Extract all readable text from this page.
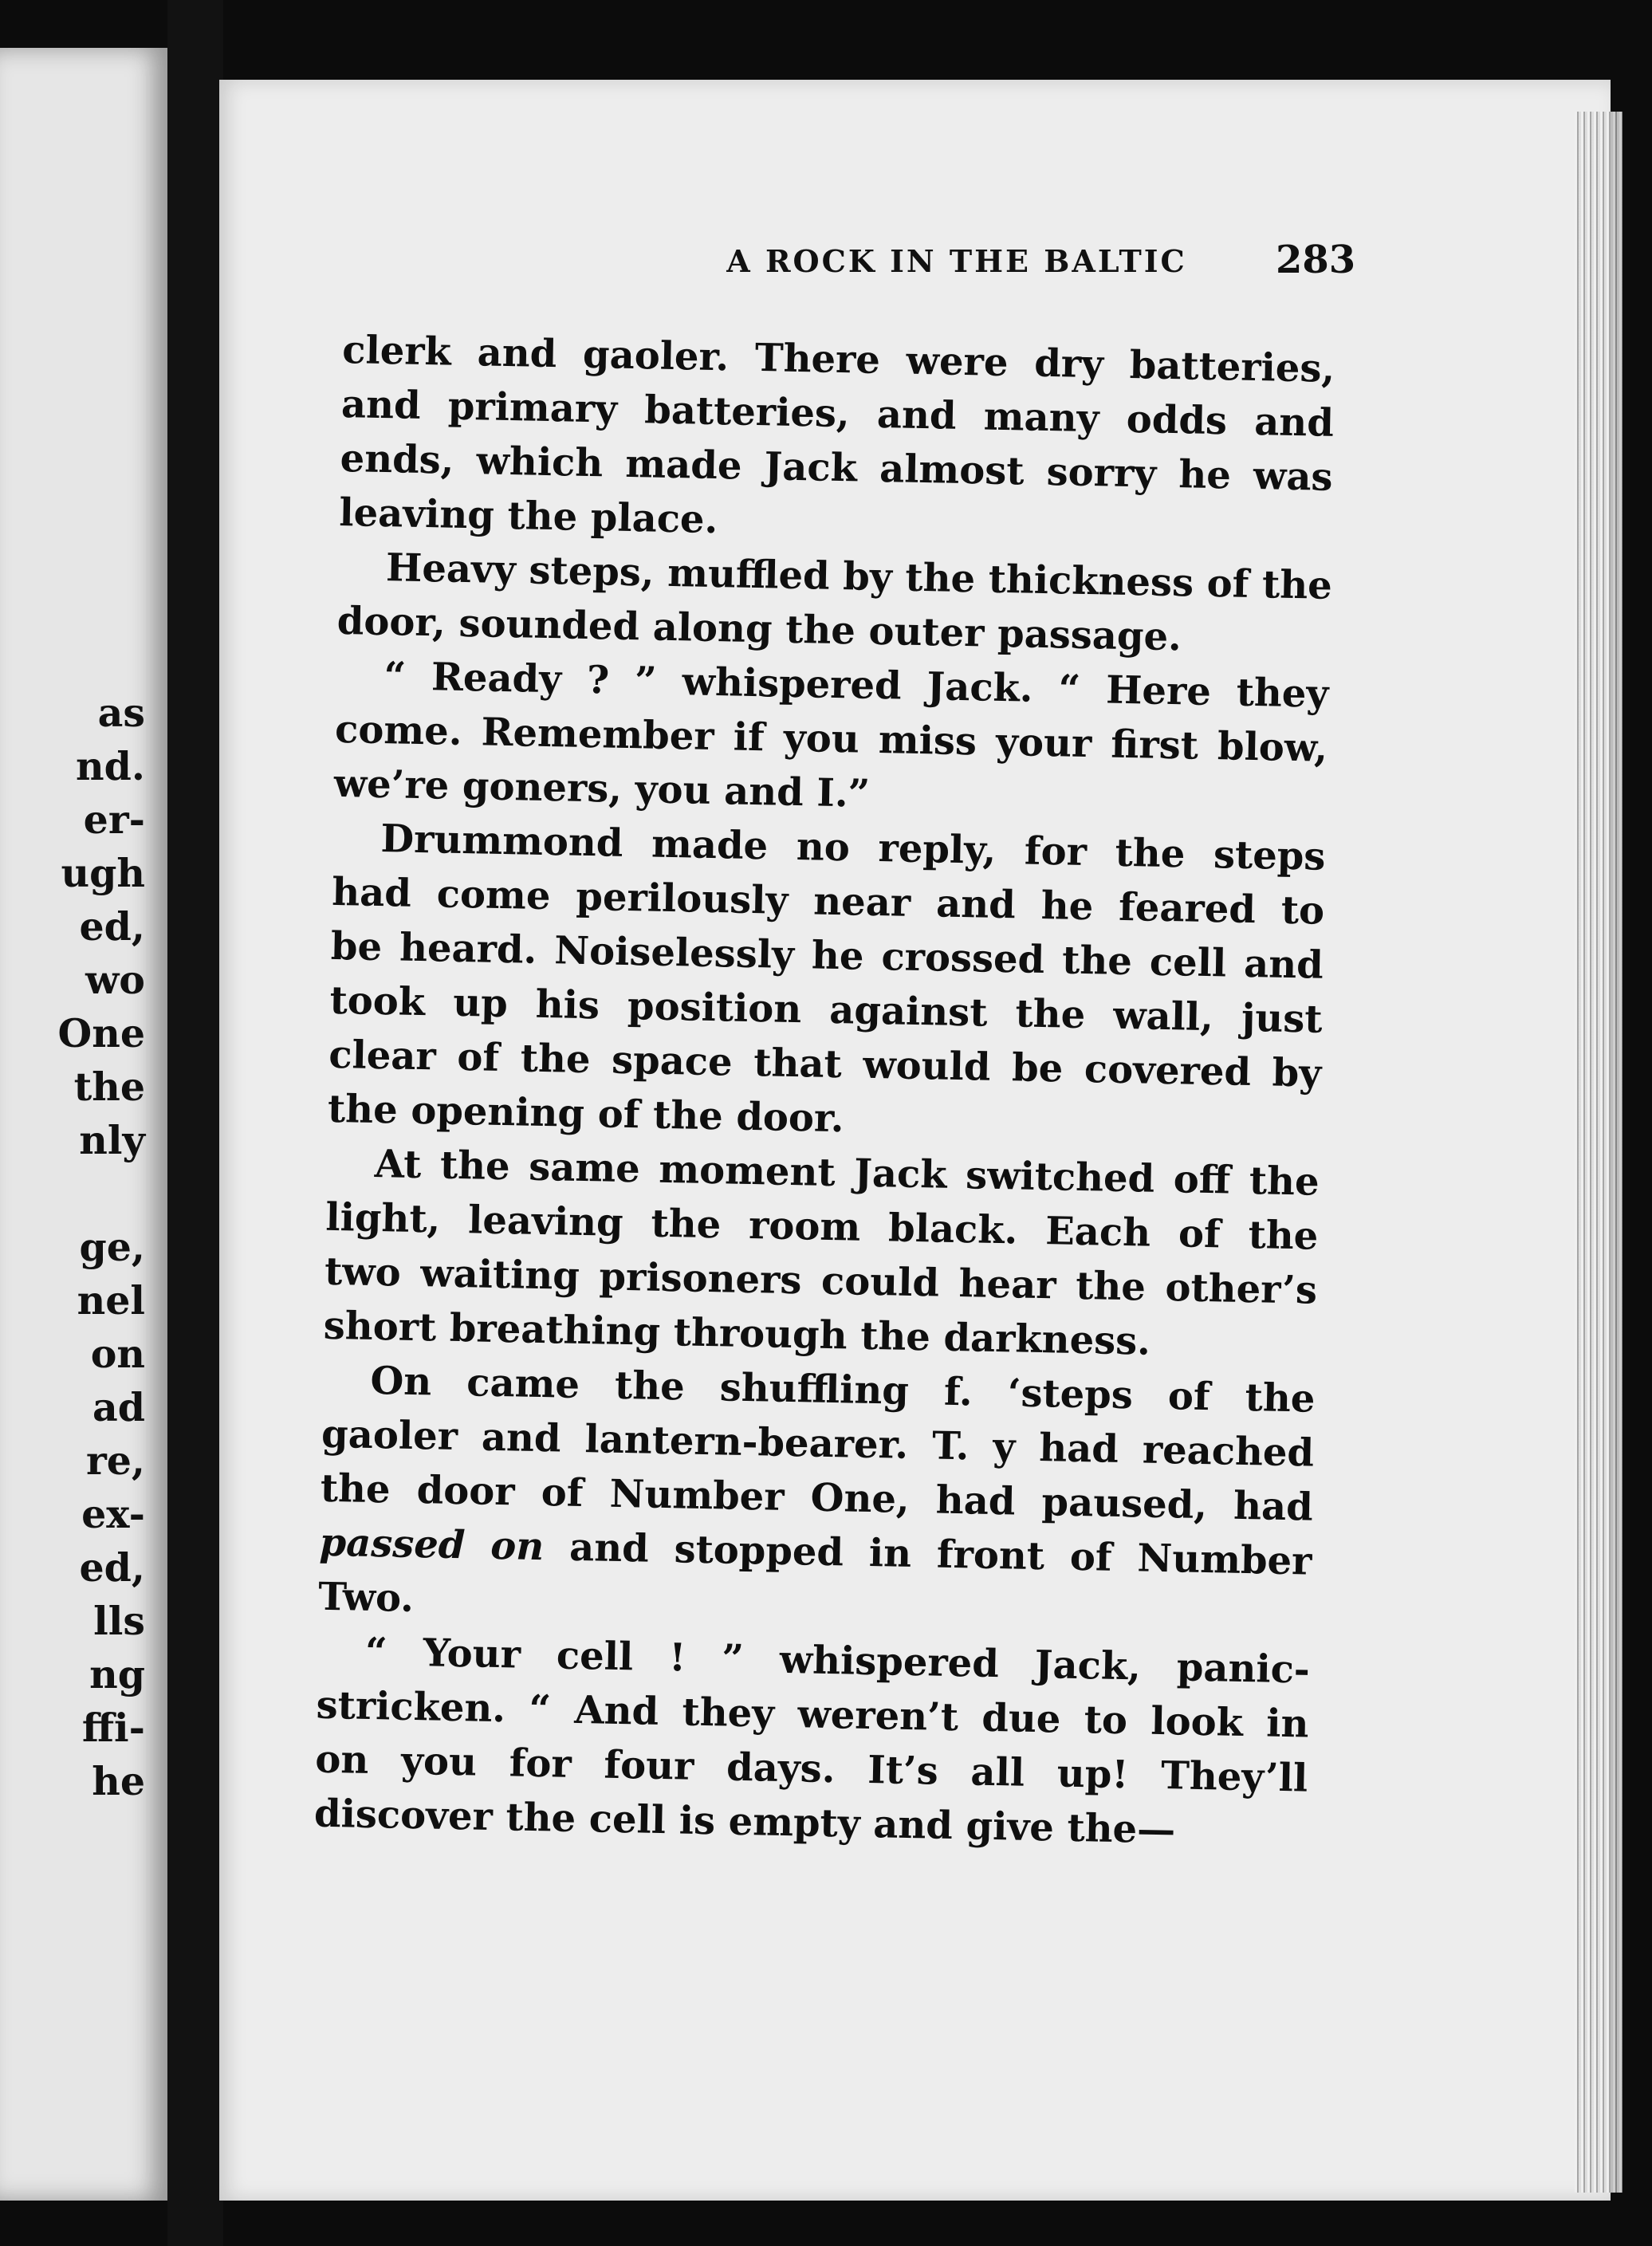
as
nd.
er-
ugh
ed,
wo
One
the
nly
ge,
nel
on
ad
re,
ex-
ed,
lls
ng
ffi-
he
A ROCK IN THE BALTIC	283
clerk and gaoler. There were dry batteries,
and primary batteries, and many odds and
ends, which made Jack almost sorry he was
leaving the place.
Heavy steps, muffled by the thickness of the
door, sounded along the outer passage.
“ Ready ? ” whispered Jack. “ Here they
come. Remember if you miss your first blow,
we’re goners, you and I.”
Drummond made no reply, for the steps
had come perilously near and he feared to
be heard. Noiselessly he crossed the cell and
took up his position against the wall, just
clear of the space that would be covered by
the opening of the door.
At the same moment Jack switched off the
light, leaving the room black. Each of the
two waiting prisoners could hear the other’s
short breathing through the darkness.
On came the shuffling f. ‘steps of the
gaoler and lantern-bearer. T. y had reached
the door of Number One, had paused, had
passed on and stopped in front of Number
Two.
“ Your cell ! ” whispered Jack, panic-
stricken. “ And they weren’t due to look in
on you for four days. It’s all up! They’ll
discover the cell is empty and give the—
